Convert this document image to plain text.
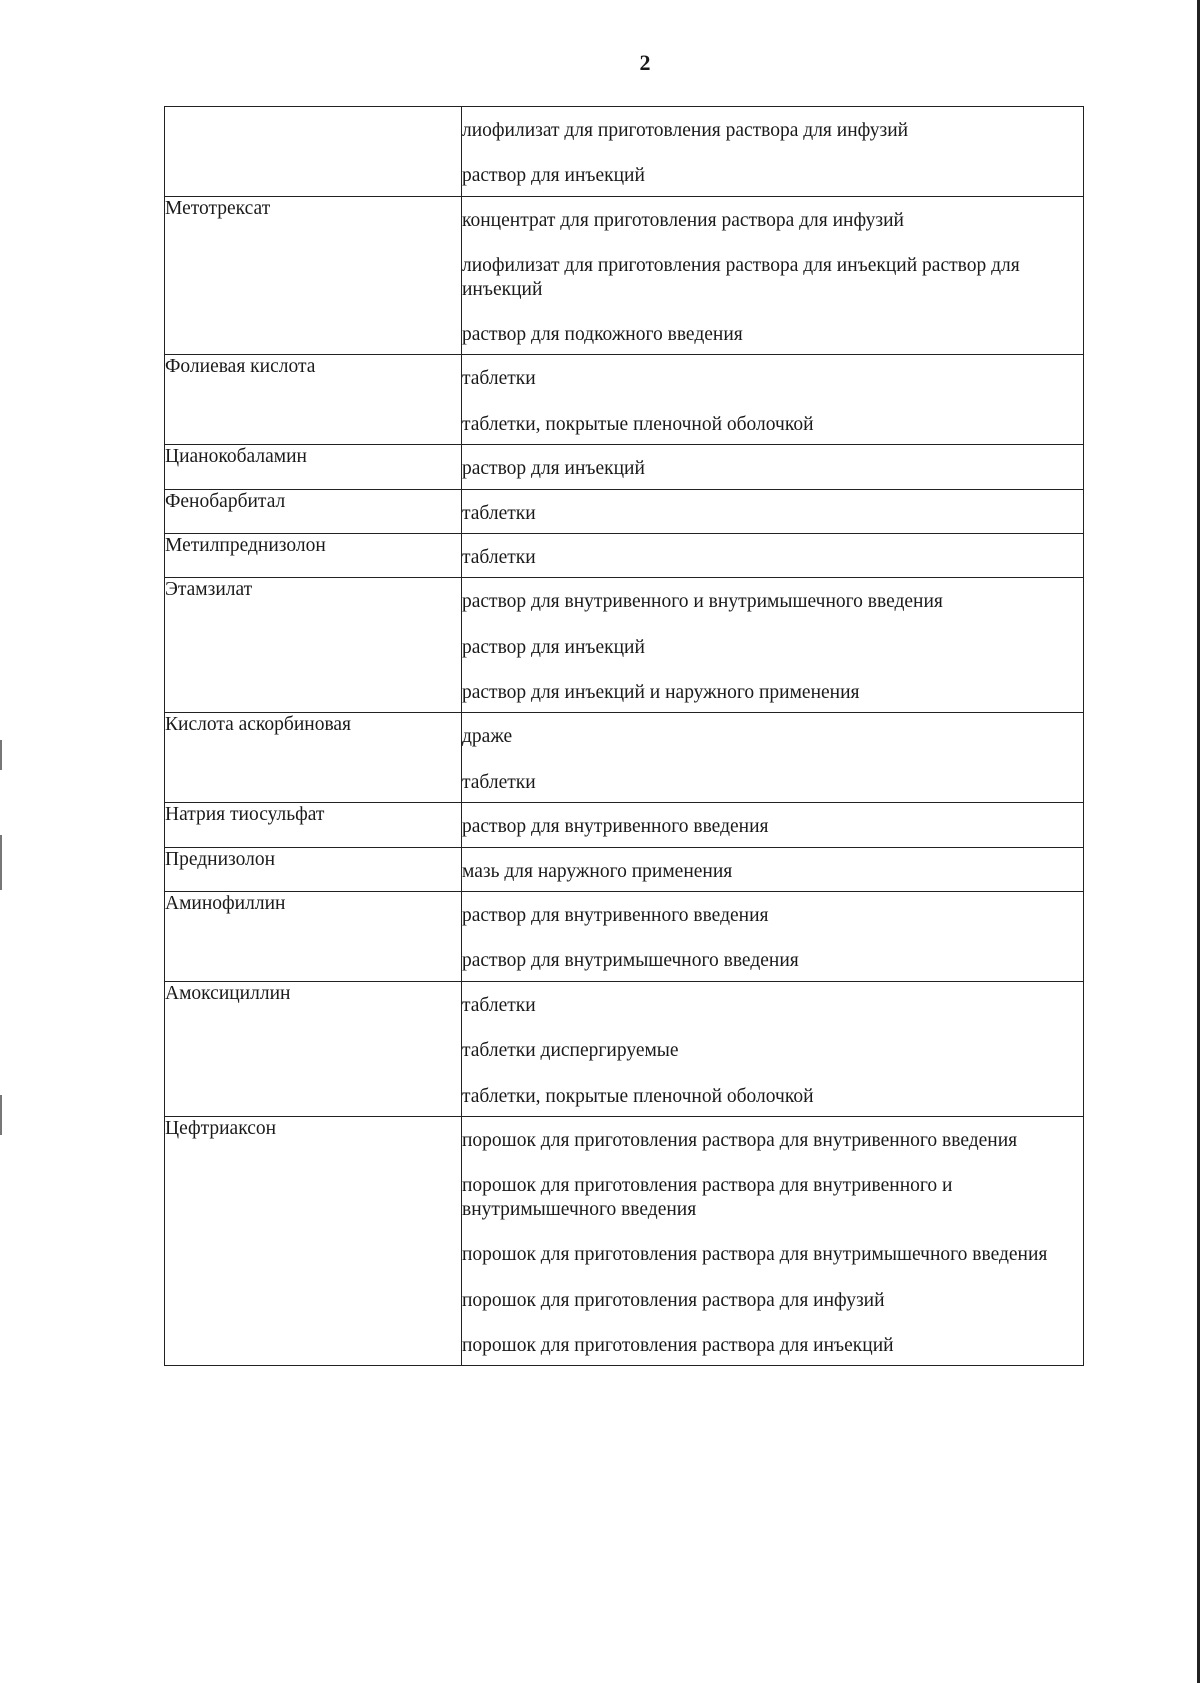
2

	лиофилизат для приготовления раствора для инфузий
раствор для инъекций

Метотрексат	концентрат для приготовления раствора для инфузий
лиофилизат для приготовления раствора для инъекций раствор для инъекций
раствор для подкожного введения

Фолиевая кислота	таблетки
таблетки, покрытые пленочной оболочкой

Цианокобаламин	раствор для инъекций

Фенобарбитал	таблетки

Метилпреднизолон	таблетки

Этамзилат	раствор для внутривенного и внутримышечного введения
раствор для инъекций
раствор для инъекций и наружного применения

Кислота аскорбиновая	драже
таблетки

Натрия тиосульфат	раствор для внутривенного введения

Преднизолон	мазь для наружного применения

Аминофиллин	раствор для внутривенного введения
раствор для внутримышечного введения

Амоксициллин	таблетки
таблетки диспергируемые
таблетки, покрытые пленочной оболочкой

Цефтриаксон	порошок для приготовления раствора для внутривенного введения
порошок для приготовления раствора для внутривенного и внутримышечного введения
порошок для приготовления раствора для внутримышечного введения
порошок для приготовления раствора для инфузий
порошок для приготовления раствора для инъекций
